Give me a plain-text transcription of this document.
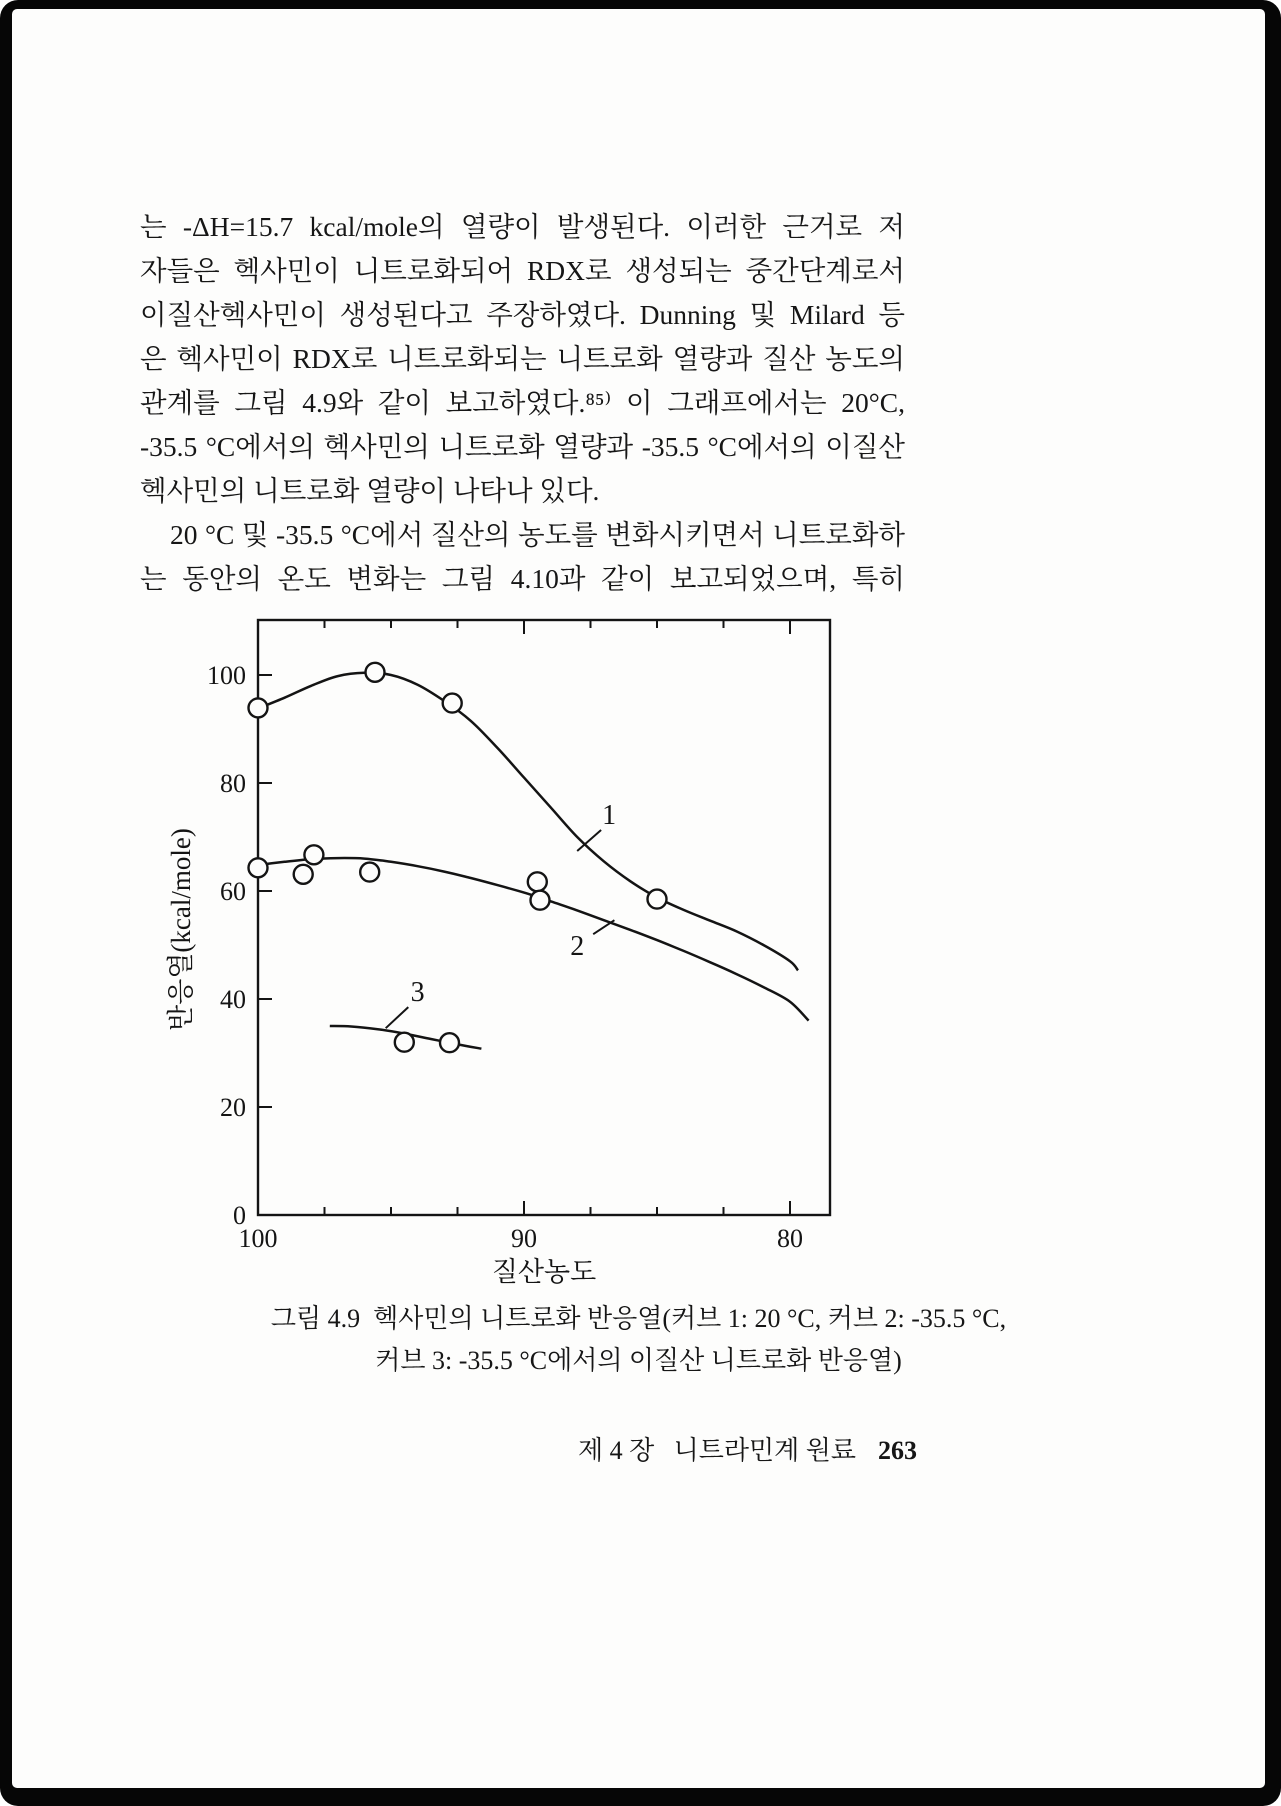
는 -ΔH=15.7 kcal/mole의 열량이 발생된다. 이러한 근거로 저

자들은 헥사민이 니트로화되어 RDX로 생성되는 중간단계로서

이질산헥사민이 생성된다고 주장하였다. Dunning 및 Milard 등

은 헥사민이 RDX로 니트로화되는 니트로화 열량과 질산 농도의

관계를 그림 4.9와 같이 보고하였다.⁸⁵⁾ 이 그래프에서는 20°C,

-35.5 °C에서의 헥사민의 니트로화 열량과 -35.5 °C에서의 이질산

헥사민의 니트로화 열량이 나타나 있다.

20 °C 및 -35.5 °C에서 질산의 농도를 변화시키면서 니트로화하

는 동안의 온도 변화는 그림 4.10과 같이 보고되었으며, 특히

100	90	80
0
20
40
60
80
100
질산농도
반응열(kcal/mole)
1
2
3

그림 4.9  헥사민의 니트로화 반응열(커브 1: 20 °C, 커브 2: -35.5 °C,

커브 3: -35.5 °C에서의 이질산 니트로화 반응열)

제 4 장   니트라민계 원료 263
